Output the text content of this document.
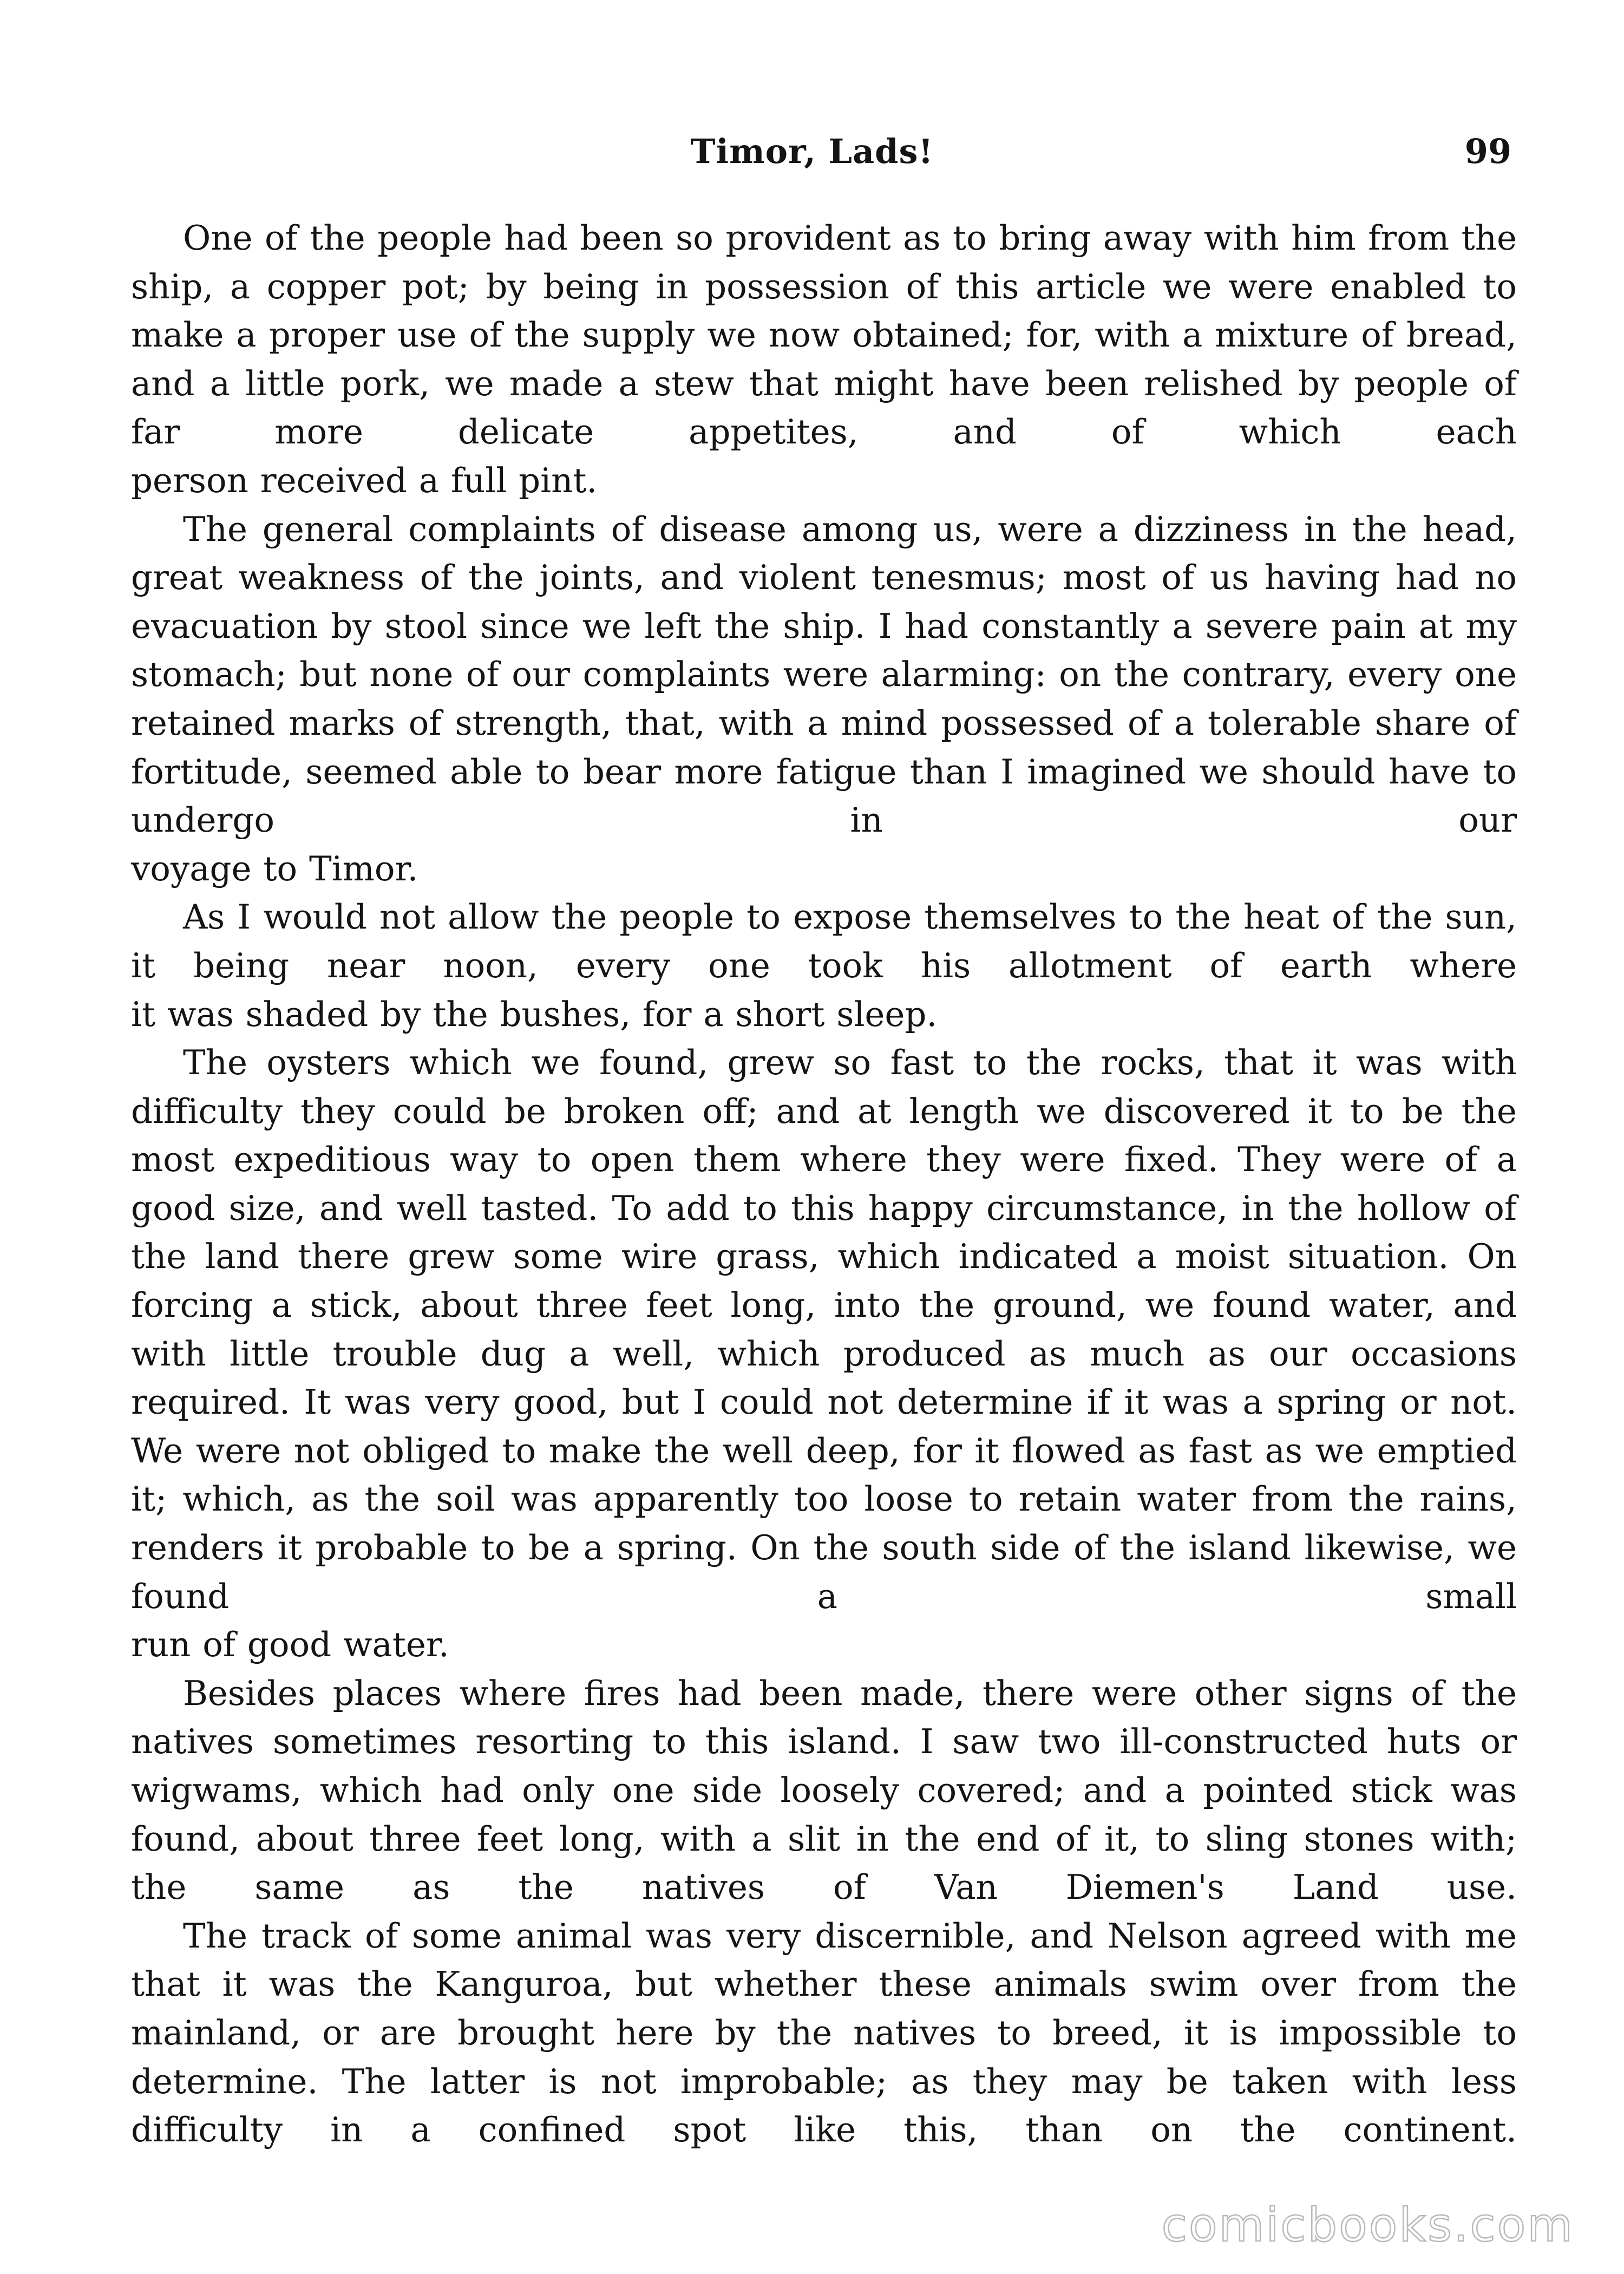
Timor, Lads!	99

One of the people had been so provident as to bring away with him from the ship, a copper pot; by being in possession of this article we were enabled to make a proper use of the supply we now obtained; for, with a mixture of bread, and a little pork, we made a stew that might have been relished by people of far more delicate appetites, and of which each
person received a full pint.

The general complaints of disease among us, were a dizziness in the head, great weakness of the joints, and violent tenesmus; most of us having had no evacuation by stool since we left the ship. I had constantly a severe pain at my stomach; but none of our complaints were alarming: on the contrary, every one retained marks of strength, that, with a mind possessed of a tolerable share of fortitude, seemed able to bear more fatigue than I imagined we should have to undergo in our
voyage to Timor.

As I would not allow the people to expose themselves to the heat of the sun, it being near noon, every one took his allotment of earth where
it was shaded by the bushes, for a short sleep.

The oysters which we found, grew so fast to the rocks, that it was with difficulty they could be broken off; and at length we discovered it to be the most expeditious way to open them where they were fixed. They were of a good size, and well tasted. To add to this happy circumstance, in the hollow of the land there grew some wire grass, which indicated a moist situation. On forcing a stick, about three feet long, into the ground, we found water, and with little trouble dug a well, which produced as much as our occasions required. It was very good, but I could not determine if it was a spring or not. We were not obliged to make the well deep, for it flowed as fast as we emptied it; which, as the soil was apparently too loose to retain water from the rains, renders it probable to be a spring. On the south side of the island likewise, we found a small
run of good water.

Besides places where fires had been made, there were other signs of the natives sometimes resorting to this island. I saw two ill-constructed huts or wigwams, which had only one side loosely covered; and a pointed stick was found, about three feet long, with a slit in the end of it, to sling stones with; the same as the natives of Van Diemen's Land use.

The track of some animal was very discernible, and Nelson agreed with me that it was the Kanguroa, but whether these animals swim over from the mainland, or are brought here by the natives to breed, it is impossible to determine. The latter is not improbable; as they may be taken with less difficulty in a confined spot like this, than on the continent.

comicbooks.com
